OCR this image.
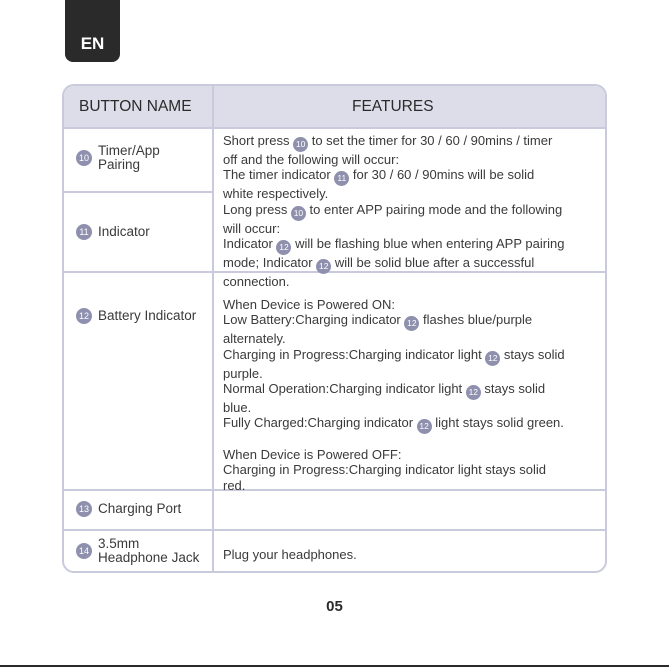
EN
BUTTON NAME	FEATURES
10 Timer/App
Pairing
11 Indicator
12 Battery Indicator
13 Charging Port
14 3.5mm
Headphone Jack

Short press 10 to set the timer for 30 / 60 / 90mins / timer

off and the following will occur:

The timer indicator 11 for 30 / 60 / 90mins will be solid

white respectively.

Long press 10 to enter APP pairing mode and the following

will occur:

Indicator 12 will be flashing blue when entering APP pairing

mode; Indicator 12 will be solid blue after a successful

connection.

When Device is Powered ON:

Low Battery:Charging indicator 12 flashes blue/purple

alternately.

Charging in Progress:Charging indicator light 12 stays solid

purple.

Normal Operation:Charging indicator light 12 stays solid

blue.

Fully Charged:Charging indicator 12 light stays solid green.

When Device is Powered OFF:

Charging in Progress:Charging indicator light stays solid

red.

Plug your headphones.
05
